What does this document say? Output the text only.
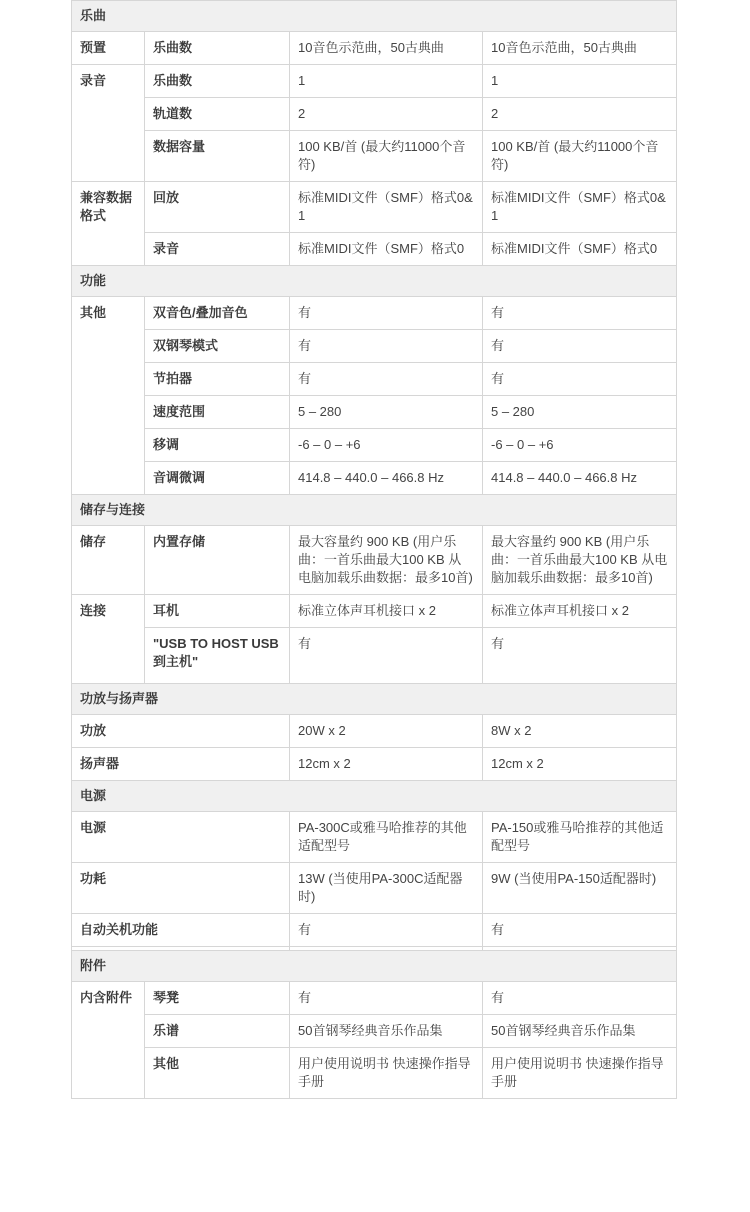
乐曲			
预置	乐曲数	10音色示范曲，50古典曲	10音色示范曲，50古典曲
录音	乐曲数	1	1
	轨道数	2	2
	数据容量	100 KB/首 (最大约11000个音符)	100 KB/首 (最大约11000个音符)
兼容数据格式	回放	标准MIDI文件（SMF）格式0&1	标准MIDI文件（SMF）格式0&1
	录音	标准MIDI文件（SMF）格式0	标准MIDI文件（SMF）格式0
功能			
其他	双音色/叠加音色	有	有
	双钢琴模式	有	有
	节拍器	有	有
	速度范围	5 – 280	5 – 280
	移调	-6 – 0 – +6	-6 – 0 – +6
	音调微调	414.8 – 440.0 – 466.8 Hz	414.8 – 440.0 – 466.8 Hz
储存与连接			
储存	内置存储	最大容量约 900 KB (用户乐曲：一首乐曲最大100 KB 从电脑加载乐曲数据：最多10首)	最大容量约 900 KB (用户乐曲：一首乐曲最大100 KB 从电脑加载乐曲数据：最多10首)
连接	耳机	标准立体声耳机接口 x 2	标准立体声耳机接口 x 2
	"USB TO HOST USB到主机"	有	有
功放与扬声器			
功放		20W x 2	8W x 2
扬声器		12cm x 2	12cm x 2
电源			
电源		PA-300C或雅马哈推荐的其他适配型号	PA-150或雅马哈推荐的其他适配型号
功耗		13W (当使用PA-300C适配器时)	9W (当使用PA-150适配器时)
自动关机功能		有	有

附件			
内含附件	琴凳	有	有
	乐谱	50首钢琴经典音乐作品集	50首钢琴经典音乐作品集
	其他	用户使用说明书 快速操作指导手册	用户使用说明书 快速操作指导手册
